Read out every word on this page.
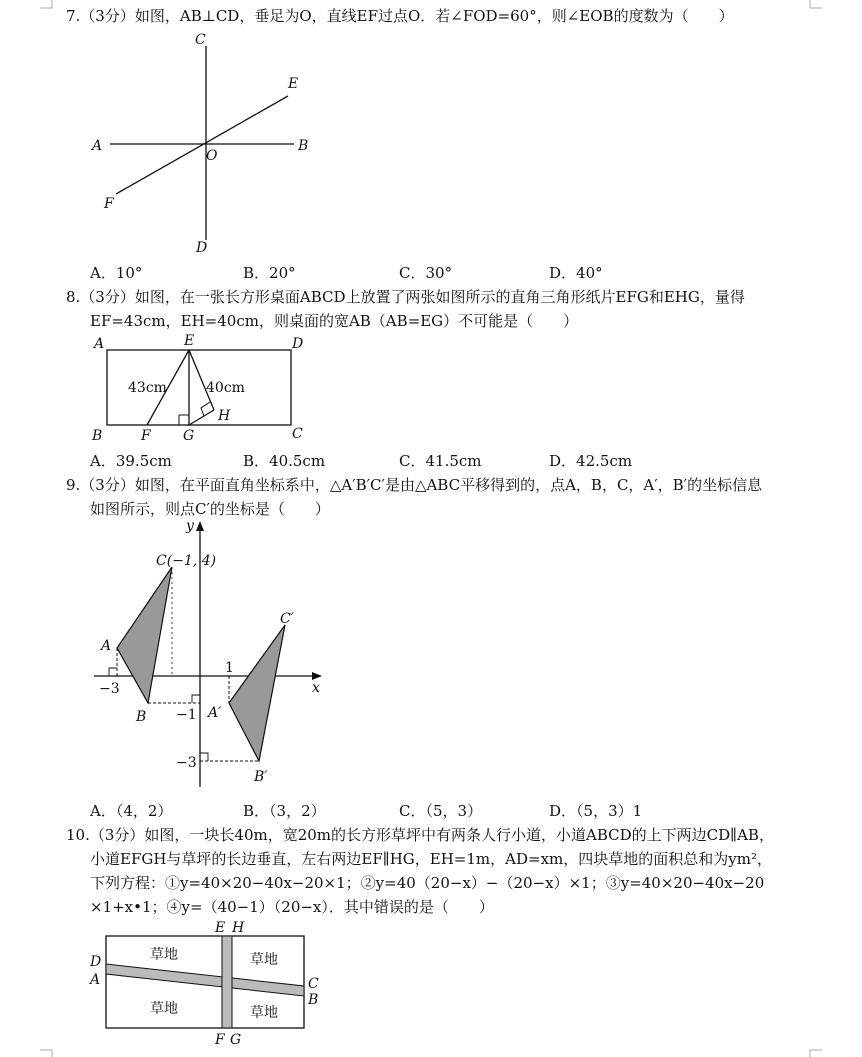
7.（3分）如图，AB⊥CD，垂足为O，直线EF过点O．若∠FOD=60°，则∠EOB的度数为（　　）
C
E
A
O
B
F
D
A．10°	B．20°	C．30°	D．40°
8.（3分）如图，在一张长方形桌面ABCD上放置了两张如图所示的直角三角形纸片EFG和EHG，量得
EF=43cm，EH=40cm，则桌面的宽AB（AB=EG）不可能是（　　）
A	E	D
B	F G	C
H
43cm	40cm
A．39.5cm	B．40.5cm	C．41.5cm	D．42.5cm
9.（3分）如图，在平面直角坐标系中，△A′B′C′是由△ABC平移得到的，点A，B，C，A′，B′的坐标信息
如图所示，则点C′的坐标是（　　）
y
x
C(−1, 4)
A
B
C′
A′
B′
−3
1
−1
−3
A．（4，2）	B．（3，2）	C．（5，3）	D．（5，3）1
10.（3分）如图，一块长40m，宽20m的长方形草坪中有两条人行小道，小道ABCD的上下两边CD∥AB，
小道EFGH与草坪的长边垂直，左右两边EF∥HG，EH=1m，AD=xm，四块草地的面积总和为ym²，
下列方程：①y=40×20−40x−20×1；②y=40（20−x）−（20−x）×1；③y=40×20−40x−20
×1+x•1；④y=（40−1）（20−x）．其中错误的是（　　）
E H
D
A	C
B
F G
草地	草地
草地	草地
